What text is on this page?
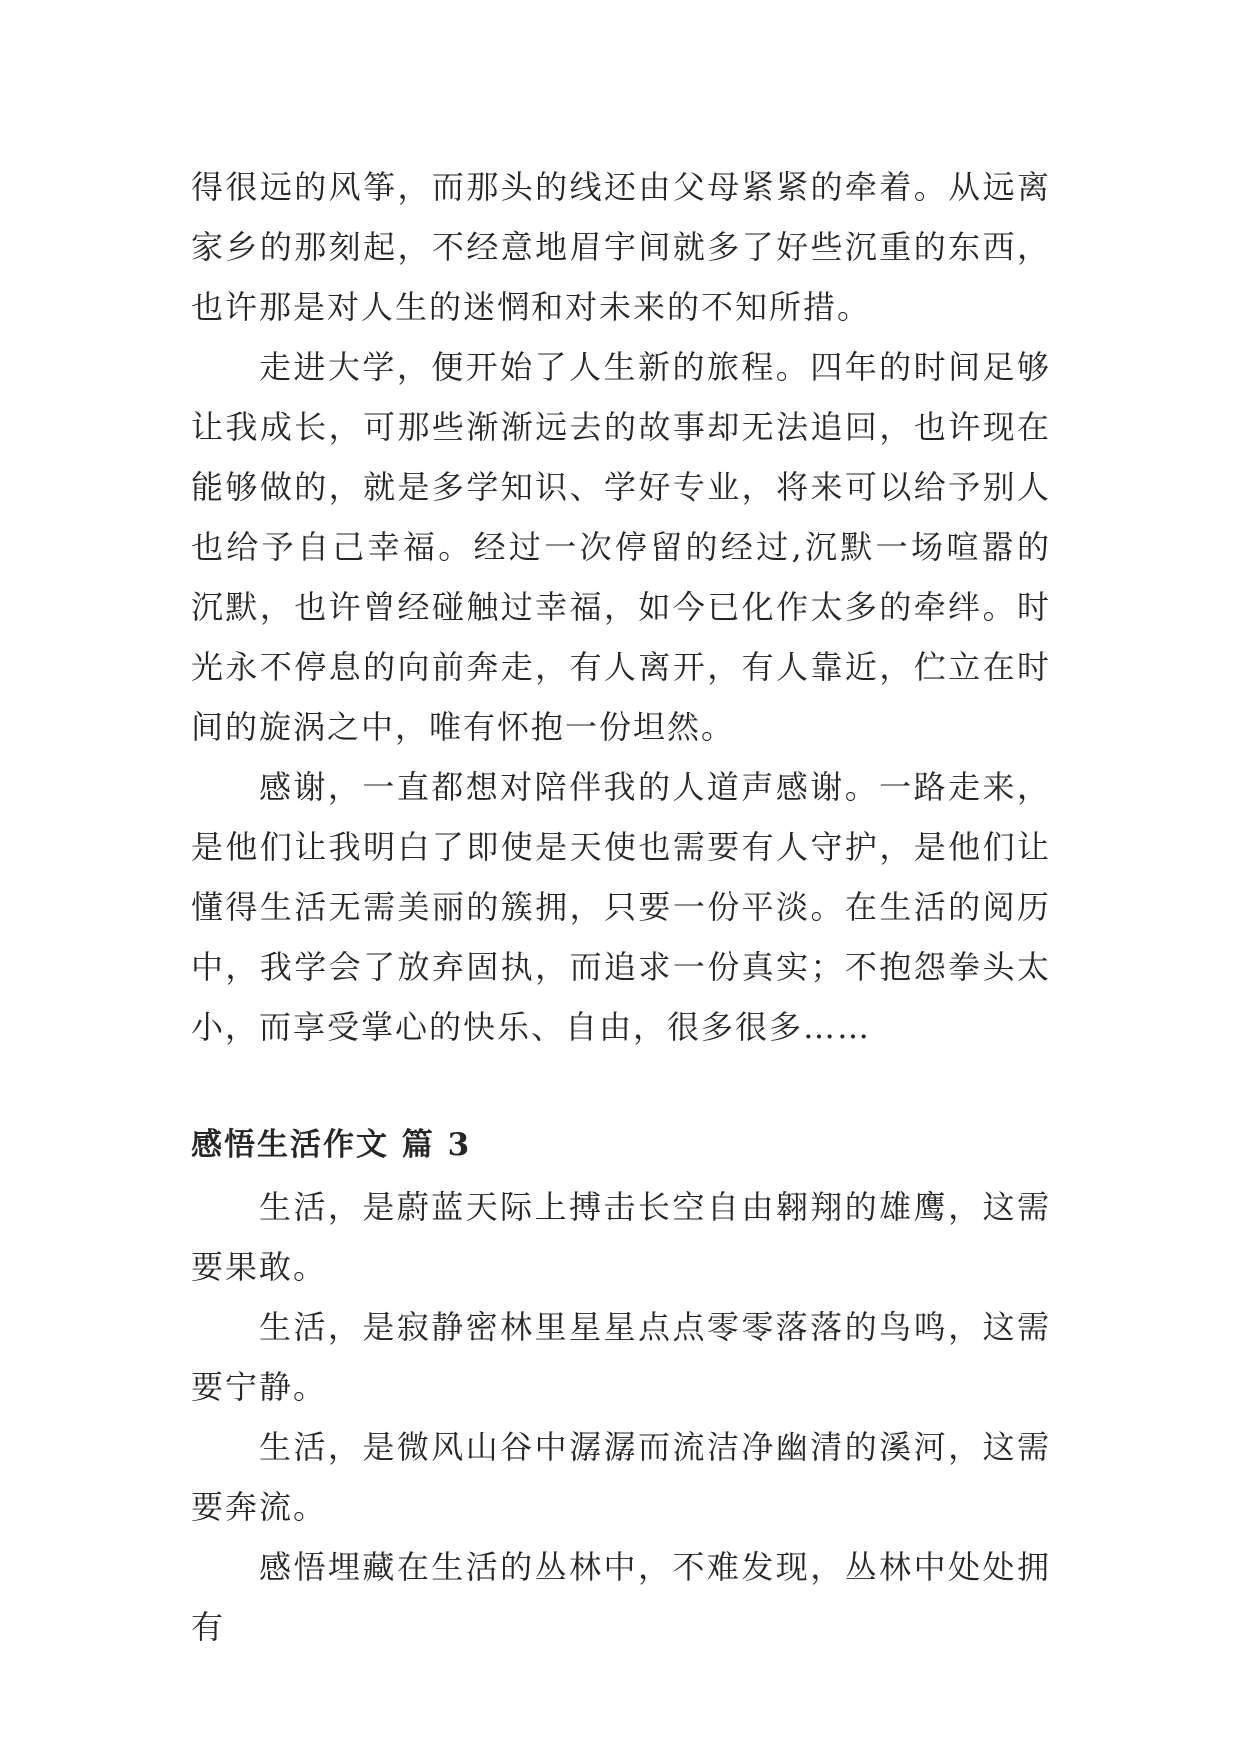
得很远的风筝，而那头的线还由父母紧紧的牵着。从远离家乡的那刻起，不经意地眉宇间就多了好些沉重的东西，也许那是对人生的迷惘和对未来的不知所措。

走进大学，便开始了人生新的旅程。四年的时间足够让我成长，可那些渐渐远去的故事却无法追回，也许现在能够做的，就是多学知识、学好专业，将来可以给予别人也给予自己幸福。经过一次停留的经过,沉默一场喧嚣的沉默，也许曾经碰触过幸福，如今已化作太多的牵绊。时光永不停息的向前奔走，有人离开，有人靠近，伫立在时间的旋涡之中，唯有怀抱一份坦然。

感谢，一直都想对陪伴我的人道声感谢。一路走来，是他们让我明白了即使是天使也需要有人守护，是他们让懂得生活无需美丽的簇拥，只要一份平淡。在生活的阅历中，我学会了放弃固执，而追求一份真实；不抱怨拳头太小，而享受掌心的快乐、自由，很多很多……

感悟生活作文 篇 3

生活，是蔚蓝天际上搏击长空自由翱翔的雄鹰，这需要果敢。

生活，是寂静密林里星星点点零零落落的鸟鸣，这需要宁静。

生活，是微风山谷中潺潺而流洁净幽清的溪河，这需要奔流。

感悟埋藏在生活的丛林中，不难发现，丛林中处处拥有
